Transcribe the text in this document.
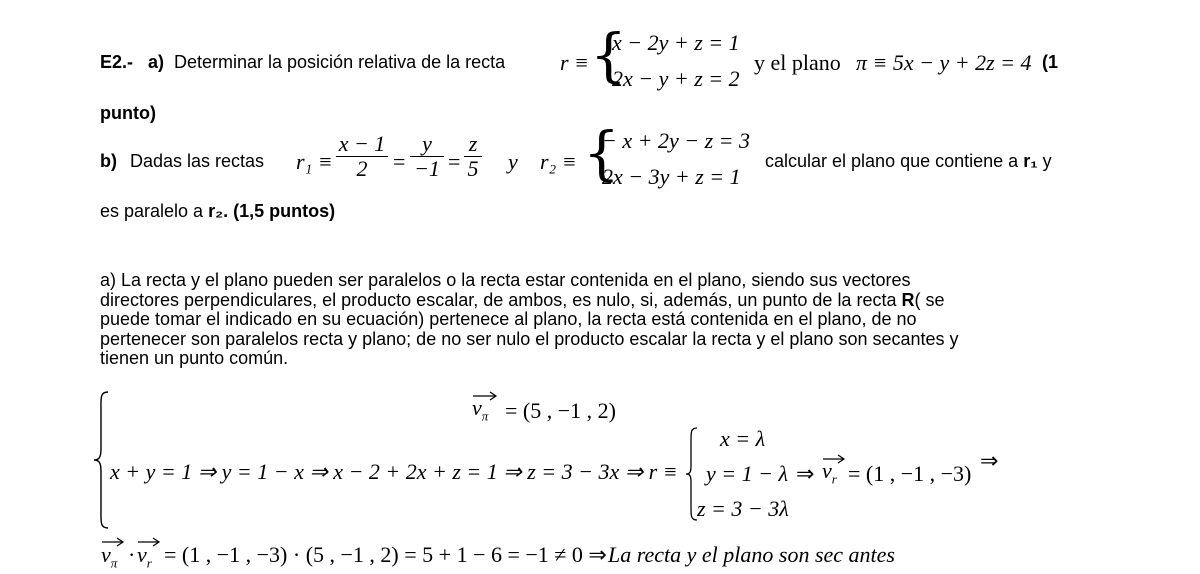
E2.- a) Determinar la posición relativa de la recta r ≡ {
x − 2y + z = 1
2x − y + z = 2
y el plano π ≡ 5x − y + 2z = 4 (1
punto)
b) Dadas las rectas $r_1 \equiv \frac{x - 1}{2} = \frac{y}{-1} = \frac{z}{5}$ y r₂ ≡ {
− x + 2y − z = 3
2x − 3y + z = 1
calcular el plano que contiene a r₁ y
es paralelo a r₂. (1,5 puntos)
a) La recta y el plano pueden ser paralelos o la recta estar contenida en el plano, siendo sus vectores
directores perpendiculares, el producto escalar, de ambos, es nulo, si, además, un punto de la recta R( se
puede tomar el indicado en su ecuación) pertenece al plano, la recta está contenida en el plano, de no
pertenecer son paralelos recta y plano; de no ser nulo el producto escalar la recta y el plano son secantes y
tienen un punto común.
$v_\pi = (5$ , −1 , 2)
x + y = 1 ⇒ y = 1 − x ⇒ x − 2 + 2x + z = 1 ⇒ z = 3 − 3x ⇒ r ≡
x = λ
y = 1 − λ
z = 3 − 3λ
⇒ $v_r = (1$ , −1 , −3)
⇒
$v_\pi \cdot v_r = (1$ , −1 , −3) · (5 , −1 , 2) = 5 + 1 − 6 = −1 ≠ 0 ⇒ La recta y el plano son sec antes
